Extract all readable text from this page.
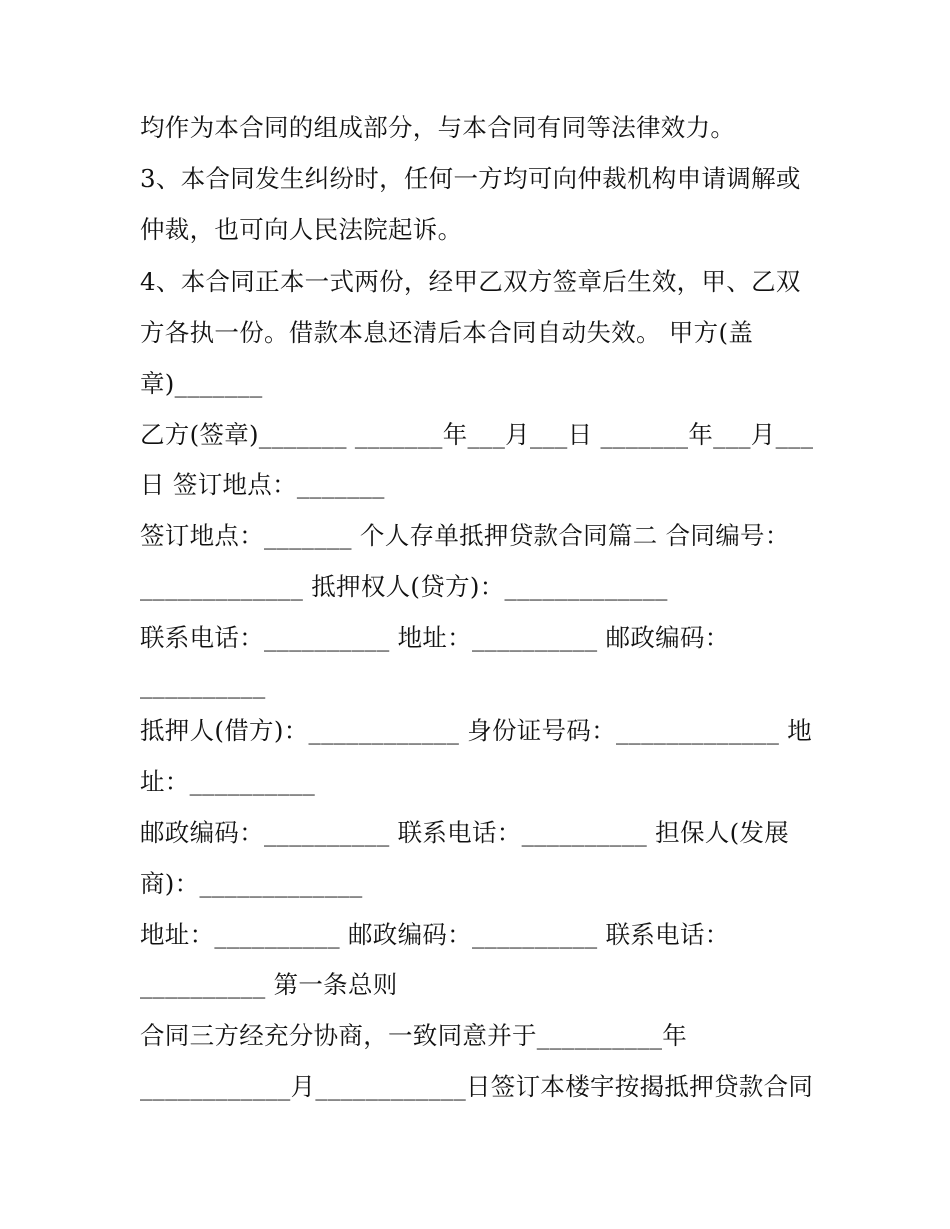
均作为本合同的组成部分，与本合同有同等法律效力。
3、本合同发生纠纷时，任何一方均可向仲裁机构申请调解或
仲裁，也可向人民法院起诉。
4、本合同正本一式两份，经甲乙双方签章后生效，甲、乙双
方各执一份。借款本息还清后本合同自动失效。 甲方(盖
章)_______
乙方(签章)_______ _______年___月___日 _______年___月___
日 签订地点：_______
签订地点：_______ 个人存单抵押贷款合同篇二 合同编号：
_____________ 抵押权人(贷方)：_____________
联系电话：__________ 地址：__________ 邮政编码：
__________
抵押人(借方)：____________ 身份证号码：_____________ 地
址：__________
邮政编码：__________ 联系电话：__________ 担保人(发展
商)：_____________
地址：__________ 邮政编码：__________ 联系电话：
__________ 第一条总则
合同三方经充分协商，一致同意并于__________年
____________月____________日签订本楼宇按揭抵押贷款合同
